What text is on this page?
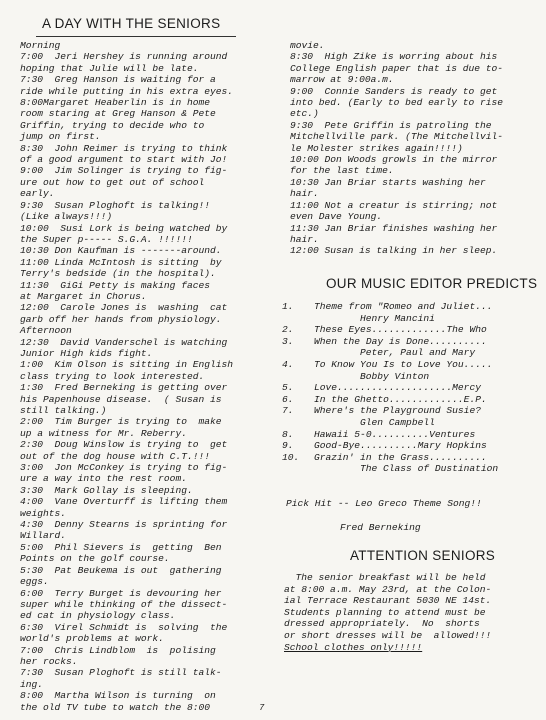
A DAY WITH THE SENIORS
Morning
7:00  Jeri Hershey is running around
hoping that Julie will be late.
7:30  Greg Hanson is waiting for a
ride while putting in his extra eyes.
8:00Margaret Heaberlin is in home
room staring at Greg Hanson & Pete
Griffin, trying to decide who to
jump on first.
8:30  John Reimer is trying to think
of a good argument to start with Jo!
9:00  Jim Solinger is trying to fig-
ure out how to get out of school
early.
9:30  Susan Ploghoft is talking!!
(Like always!!!)
10:00  Susi Lork is being watched by
the Super p----- S.G.A. !!!!!!
10:30 Don Kaufman is -------around.
11:00 Linda McIntosh is sitting  by
Terry's bedside (in the hospital).
11:30  GiGi Petty is making faces
at Margaret in Chorus.
12:00  Carole Jones is  washing  cat
garb off her hands from physiology.
Afternoon
12:30  David Vanderschel is watching
Junior High kids fight.
1:00  Kim Olson is sitting in English
class trying to look interested.
1:30  Fred Berneking is getting over
his Papenhouse disease.  ( Susan is
still talking.)
2:00  Tim Burger is trying to  make
up a witness for Mr. Reberry.
2:30  Doug Winslow is trying to  get
out of the dog house with C.T.!!!
3:00  Jon McConkey is trying to fig-
ure a way into the rest room.
3:30  Mark Gollay is sleeping.
4:00  Vane Overturff is lifting them
weights.
4:30  Denny Stearns is sprinting for
Willard.
5:00  Phil Sievers is  getting  Ben
Points on the golf course.
5:30  Pat Beukema is out  gathering
eggs.
6:00  Terry Burget is devouring her
super while thinking of the dissect-
ed cat in physiology class.
6:30  Virel Schmidt is  solving  the
world's problems at work.
7:00  Chris Lindblom  is  polising
her rocks.
7:30  Susan Ploghoft is still talk-
ing.
8:00  Martha Wilson is turning  on
the old TV tube to watch the 8:00
movie.
8:30  High Zike is worring about his
College English paper that is due to-
marrow at 9:00a.m.
9:00  Connie Sanders is ready to get
into bed. (Early to bed early to rise
etc.)
9:30  Pete Griffin is patroling the
Mitchellville park. (The Mitchellvil-
le Molester strikes again!!!!)
10:00 Don Woods growls in the mirror
for the last time.
10:30 Jan Briar starts washing her
hair.
11:00 Not a creatur is stirring; not
even Dave Young.
11:30 Jan Briar finishes washing her
hair.
12:00 Susan is talking in her sleep.
OUR MUSIC EDITOR PREDICTS
1.	Theme from "Romeo and Juliet...
Henry Mancini
2.	These Eyes.............The Who
3.	When the Day is Done..........
Peter, Paul and Mary
4.	To Know You Is to Love You.....
Bobby Vinton
5.	Love....................Mercy
6.	In the Ghetto.............E.P.
7.	Where's the Playground Susie?
Glen Campbell
8.	Hawaii 5-0..........Ventures
9.	Good-Bye..........Mary Hopkins
10.	Grazin' in the Grass..........
The Class of Dustination
Pick Hit -- Leo Greco Theme Song!!
Fred Berneking
ATTENTION SENIORS
The senior breakfast will be held
at 8:00 a.m. May 23rd, at the Colon-
ial Terrace Restaurant 5030 NE 14st.
Students planning to attend must be
dressed appropriately.  No  shorts
or short dresses will be  allowed!!!
School clothes only!!!!!
7
